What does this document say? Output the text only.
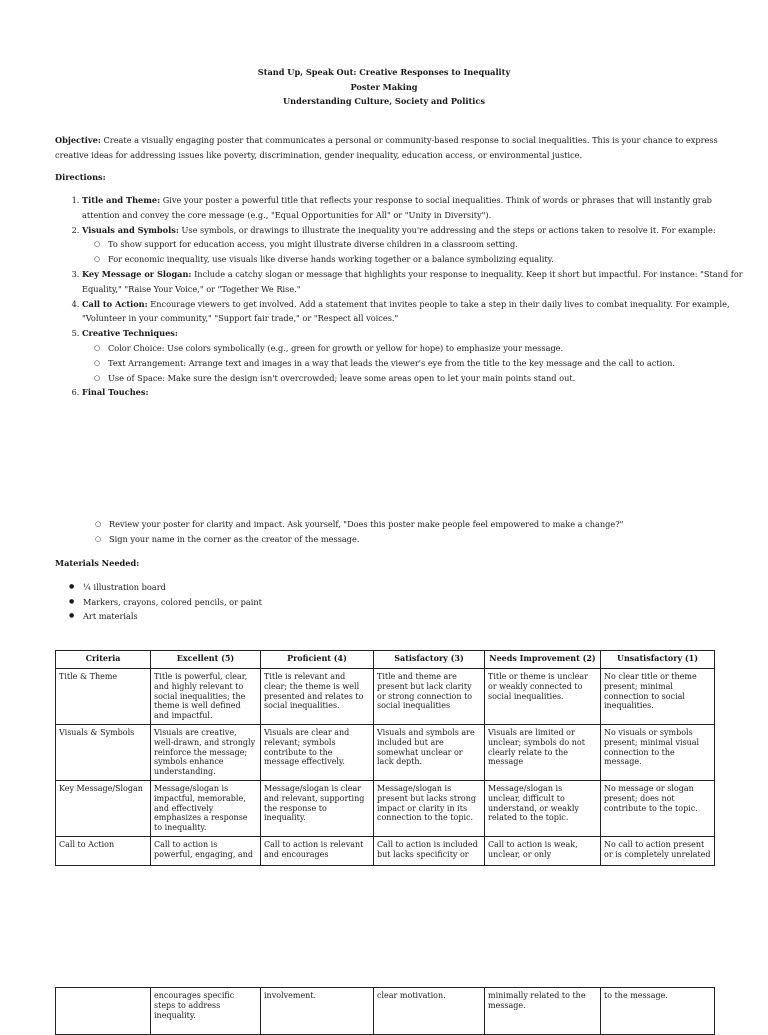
Stand Up, Speak Out: Creative Responses to Inequality
Poster Making
Understanding Culture, Society and Politics
Objective: Create a visually engaging poster that communicates a personal or community-based response to social inequalities. This is your chance to express creative ideas for addressing issues like poverty, discrimination, gender inequality, education access, or environmental justice.
Directions:
1. Title and Theme: Give your poster a powerful title that reflects your response to social inequalities. Think of words or phrases that will instantly grab attention and convey the core message (e.g., "Equal Opportunities for All" or "Unity in Diversity").
2. Visuals and Symbols: Use symbols, or drawings to illustrate the inequality you're addressing and the steps or actions taken to resolve it. For example:
○ To show support for education access, you might illustrate diverse children in a classroom setting.
○ For economic inequality, use visuals like diverse hands working together or a balance symbolizing equality.
3. Key Message or Slogan: Include a catchy slogan or message that highlights your response to inequality. Keep it short but impactful. For instance: "Stand for Equality," "Raise Your Voice," or "Together We Rise."
4. Call to Action: Encourage viewers to get involved. Add a statement that invites people to take a step in their daily lives to combat inequality. For example, "Volunteer in your community," "Support fair trade," or "Respect all voices."
5. Creative Techniques:
○ Color Choice: Use colors symbolically (e.g., green for growth or yellow for hope) to emphasize your message.
○ Text Arrangement: Arrange text and images in a way that leads the viewer's eye from the title to the key message and the call to action.
○ Use of Space: Make sure the design isn't overcrowded; leave some areas open to let your main points stand out.
6. Final Touches:
○ Review your poster for clarity and impact. Ask yourself, "Does this poster make people feel empowered to make a change?"
○ Sign your name in the corner as the creator of the message.
Materials Needed:
● ¼ illustration board
● Markers, crayons, colored pencils, or paint
● Art materials
Criteria	Excellent (5)	Proficient (4)	Satisfactory (3)	Needs Improvement (2)	Unsatisfactory (1)
Title & Theme	Title is powerful, clear, and highly relevant to social inequalities; the theme is well defined and impactful.	Title is relevant and clear; the theme is well presented and relates to social inequalities.	Title and theme are present but lack clarity or strong connection to social inequalities	Title or theme is unclear or weakly connected to social inequalities.	No clear title or theme present; minimal connection to social inequalities.
Visuals & Symbols	Visuals are creative, well-drawn, and strongly reinforce the message; symbols enhance understanding.	Visuals are clear and relevant; symbols contribute to the message effectively.	Visuals and symbols are included but are somewhat unclear or lack depth.	Visuals are limited or unclear; symbols do not clearly relate to the message	No visuals or symbols present; minimal visual connection to the message.
Key Message/Slogan	Message/slogan is impactful, memorable, and effectively emphasizes a response to inequality.	Message/slogan is clear and relevant, supporting the response to inequality.	Message/slogan is present but lacks strong impact or clarity in its connection to the topic.	Message/slogan is unclear, difficult to understand, or weakly related to the topic.	No message or slogan present; does not contribute to the topic.
Call to Action	Call to action is powerful, engaging, and	Call to action is relevant and encourages	Call to action is included but lacks specificity or	Call to action is weak, unclear, or only	No call to action present or is completely unrelated
	encourages specific steps to address inequality.	involvement.	clear motivation.	minimally related to the message.	to the message.
